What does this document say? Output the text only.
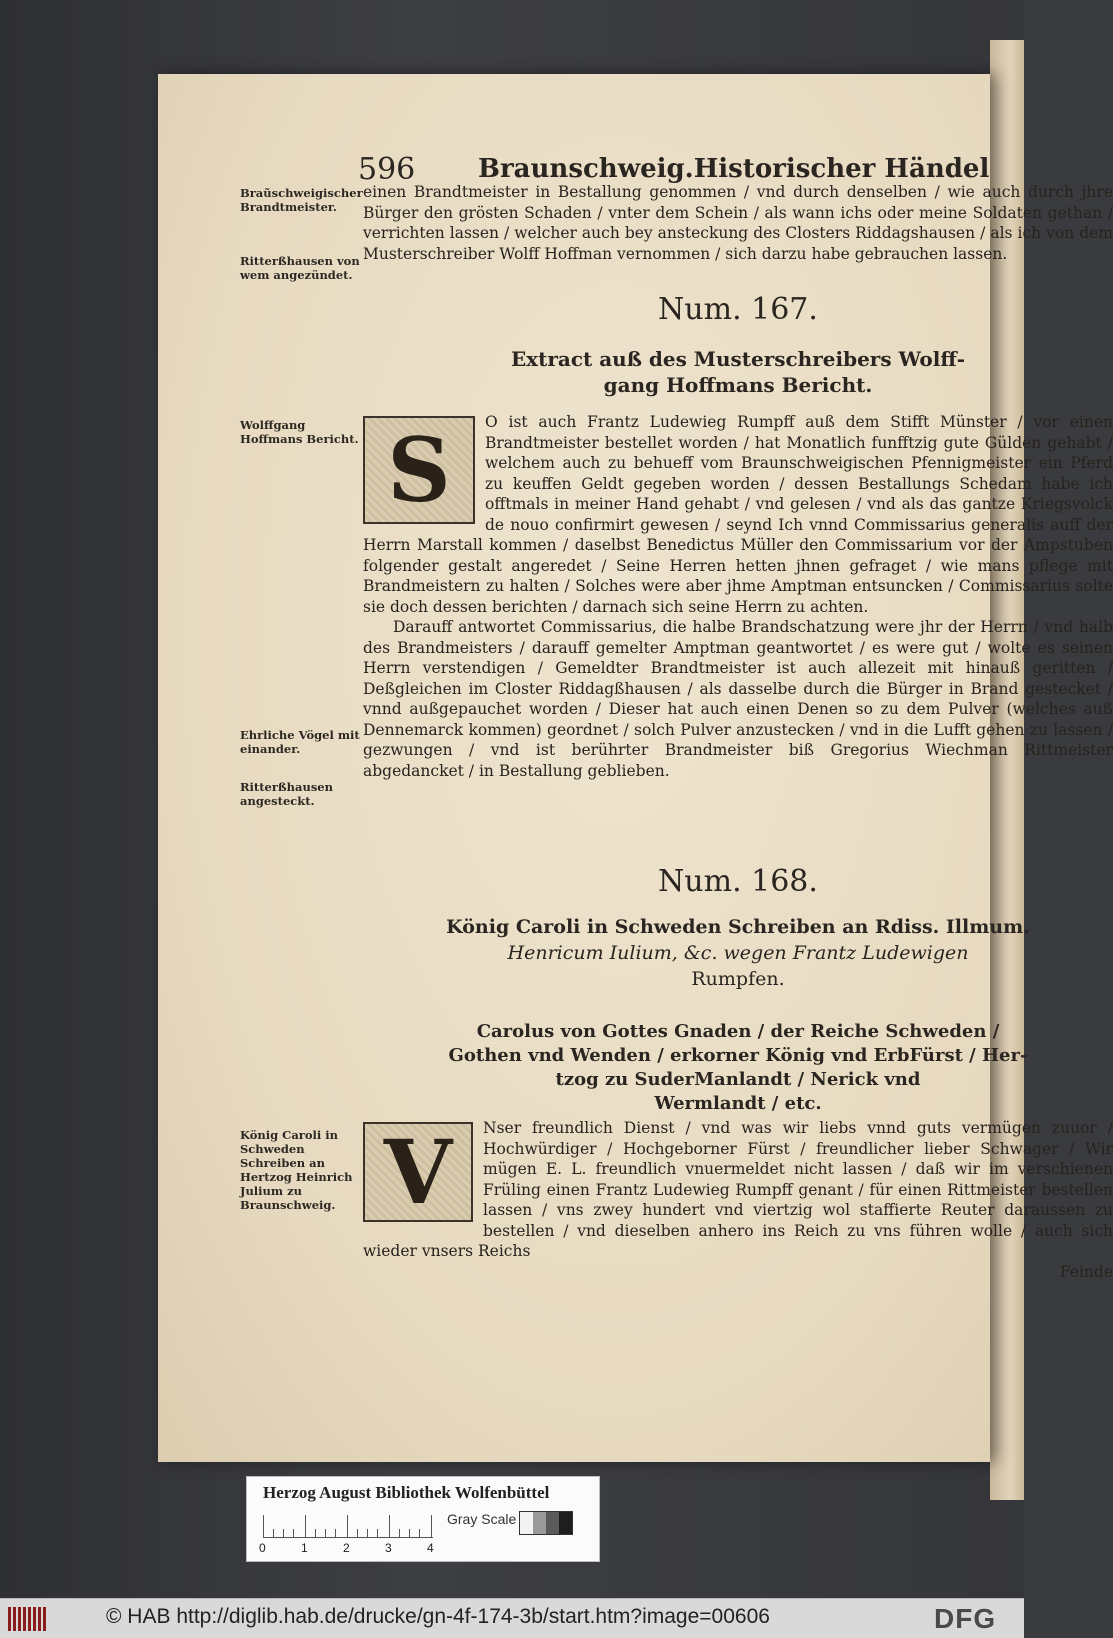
596 Braunschweig.Historischer Händel
Braũschweigischer Brandtmeister.
Ritterßhausen von wem angezündet.
einen Brandtmeister in Bestallung genommen / vnd durch denselben / wie auch durch jhre Bürger den grösten Schaden / vnter dem Schein / als wann ichs oder meine Soldaten gethan / verrichten lassen / welcher auch bey ansteckung des Closters Riddagshausen / als ich von dem Musterschreiber Wolff Hoffman vernommen / sich darzu habe gebrauchen lassen.
Num. 167.
Extract auß des Musterschreibers Wolff-
gang Hoffmans Bericht.
Wolffgang Hoffmans Bericht.
Ehrliche Vögel mit einander.
Ritterßhausen angesteckt.
S	O ist auch Frantz Ludewieg Rumpff auß dem Stifft Münster / vor einen Brandtmeister bestellet worden / hat Monatlich funfftzig gute Gülden gehabt / welchem auch zu behueff vom Braunschweigischen Pfennigmeister ein Pferd zu keuffen Geldt gegeben worden / dessen Bestallungs Schedam habe ich offtmals in meiner Hand gehabt / vnd gelesen / vnd als das gantze Kriegsvolck de nouo confirmirt gewesen / seynd Ich vnnd Commissarius generalis auff der Herrn Marstall kommen / daselbst Benedictus Müller den Commissarium vor der Ampstuben folgender gestalt angeredet / Seine Herren hetten jhnen gefraget / wie mans pflege mit Brandmeistern zu halten / Solches were aber jhme Amptman entsuncken / Commissarius solte sie doch dessen berichten / darnach sich seine Herrn zu achten.

Darauff antwortet Commissarius, die halbe Brandschatzung were jhr der Herrn / vnd halb des Brandmeisters / darauff gemelter Amptman geantwortet / es were gut / wolte es seinen Herrn verstendigen / Gemeldter Brandtmeister ist auch allezeit mit hinauß geritten / Deßgleichen im Closter Riddagßhausen / als dasselbe durch die Bürger in Brand gestecket / vnnd außgepauchet worden / Dieser hat auch einen Denen so zu dem Pulver (welches auß Dennemarck kommen) geordnet / solch Pulver anzustecken / vnd in die Lufft gehen zu lassen / gezwungen / vnd ist berührter Brandmeister biß Gregorius Wiechman Rittmeister abgedancket / in Bestallung geblieben.

Num. 168.
König Caroli in Schweden Schreiben an Rdiss. Illmum.
Henricum Iulium, &c. wegen Frantz Ludewigen
Rumpfen.
Carolus von Gottes Gnaden / der Reiche Schweden /
Gothen vnd Wenden / erkorner König vnd ErbFürst / Her-
tzog zu SuderManlandt / Nerick vnd
Wermlandt / etc.
König Caroli in Schweden Schreiben an Hertzog Heinrich Julium zu Braunschweig. V	Nser freundlich Dienst / vnd was wir liebs vnnd guts vermügen zuuor / Hochwürdiger / Hochgeborner Fürst / freundlicher lieber Schwager / Wir mügen E. L. freundlich vnuermeldet nicht lassen / daß wir im verschienen Früling einen Frantz Ludewieg Rumpff genant / für einen Rittmeister bestellen lassen / vns zwey hundert vnd viertzig wol staffierte Reuter daraussen zu bestellen / vnd dieselben anhero ins Reich zu vns führen wolle / auch sich wieder vnsers Reichs

Feinde
Herzog August Bibliothek Wolfenbüttel
0	1	2	3	4
Gray Scale
© HAB http://diglib.hab.de/drucke/gn-4f-174-3b/start.htm?image=00606	DFG
